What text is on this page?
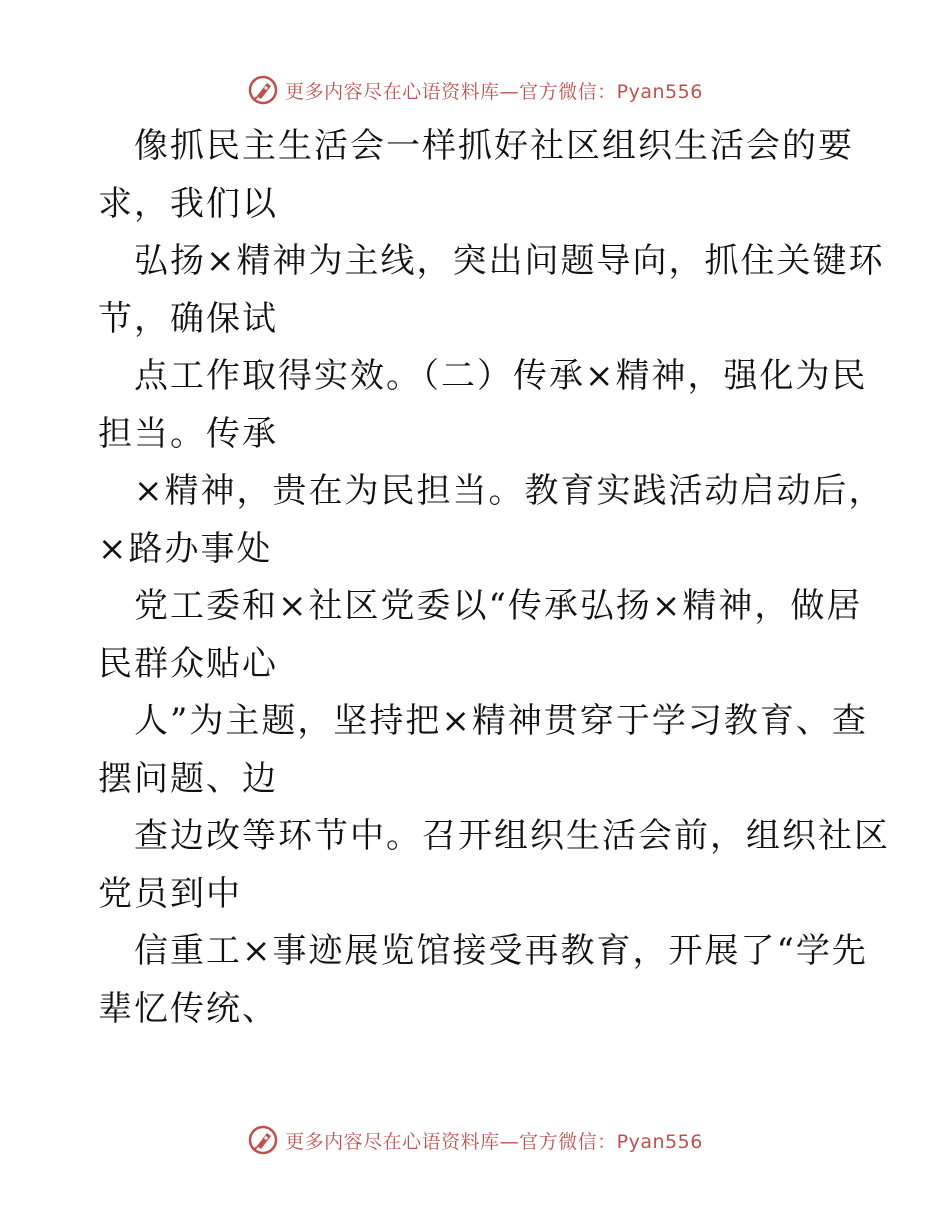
更多内容尽在心语资料库— 官方微信：Pyan556
像抓民主生活会一样抓好社区组织生活会的要
求，我们以
弘扬×精神为主线，突出问题导向，抓住关键环
节，确保试
点工作取得实效。（二）传承×精神，强化为民
担当。传承
×精神，贵在为民担当。教育实践活动启动后，
×路办事处
党工委和×社区党委以“传承弘扬×精神，做居
民群众贴心
人”为主题，坚持把×精神贯穿于学习教育、查
摆问题、边
查边改等环节中。召开组织生活会前，组织社区
党员到中
信重工×事迹展览馆接受再教育，开展了“学先
辈忆传统、
更多内容尽在心语资料库— 官方微信：Pyan556
